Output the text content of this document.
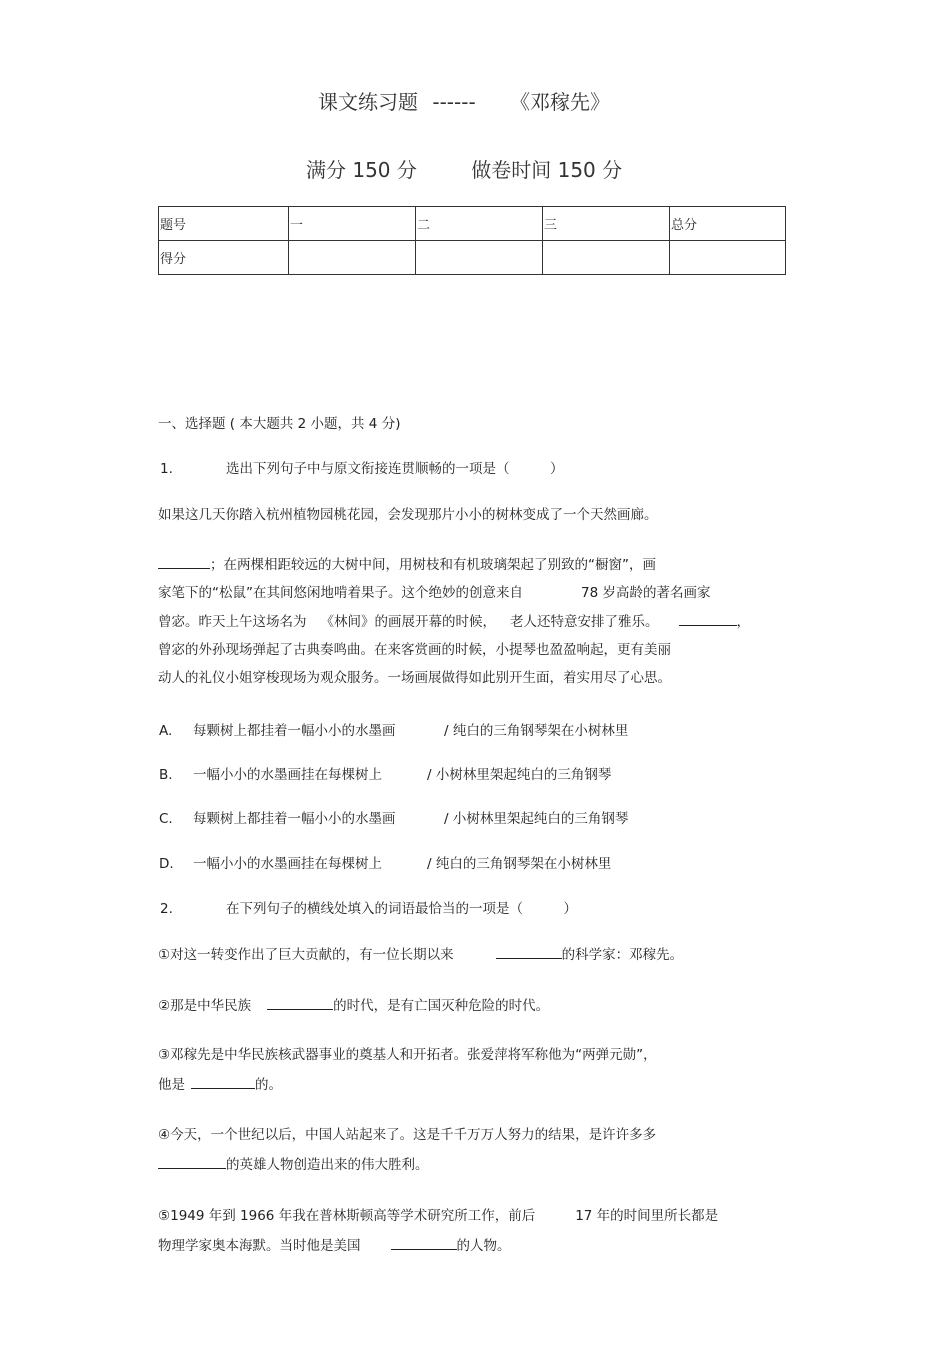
课文练习题 ------ 《邓稼先》
满分 150 分	做卷时间 150 分
题号	一	二	三	总分
得分				
一、选择题 ( 本大题共 2 小题，共 4 分)
1.	选出下列句子中与原文衔接连贯顺畅的一项是（　　　）
如果这几天你踏入杭州植物园桃花园，会发现那片小小的树林变成了一个天然画廊。
；在两棵相距较远的大树中间，用树枝和有机玻璃架起了别致的“橱窗”，画
家笔下的“松鼠”在其间悠闲地啃着果子。这个绝妙的创意来自	78 岁高龄的著名画家
曾宓。昨天上午这场名为 《林间》的画展开幕的时候， 老人还特意安排了雅乐。	，
曾宓的外孙现场弹起了古典奏鸣曲。在来客赏画的时候，小提琴也盈盈响起，更有美丽
动人的礼仪小姐穿梭现场为观众服务。一场画展做得如此别开生面，着实用尽了心思。
A. 每颗树上都挂着一幅小小的水墨画	/ 纯白的三角钢琴架在小树林里
B. 一幅小小的水墨画挂在每棵树上	/ 小树林里架起纯白的三角钢琴
C. 每颗树上都挂着一幅小小的水墨画	/ 小树林里架起纯白的三角钢琴
D. 一幅小小的水墨画挂在每棵树上	/ 纯白的三角钢琴架在小树林里
2.	在下列句子的横线处填入的词语最恰当的一项是（　　　）
①对这一转变作出了巨大贡献的，有一位长期以来	的科学家：邓稼先。
②那是中华民族	的时代，是有亡国灭种危险的时代。
③邓稼先是中华民族核武器事业的奠基人和开拓者。张爱萍将军称他为“两弹元勋”，
他是	的。
④今天，一个世纪以后，中国人站起来了。这是千千万万人努力的结果，是许许多多
的英雄人物创造出来的伟大胜利。
⑤1949 年到 1966 年我在普林斯顿高等学术研究所工作，前后	17 年的时间里所长都是
物理学家奥本海默。当时他是美国	的人物。
